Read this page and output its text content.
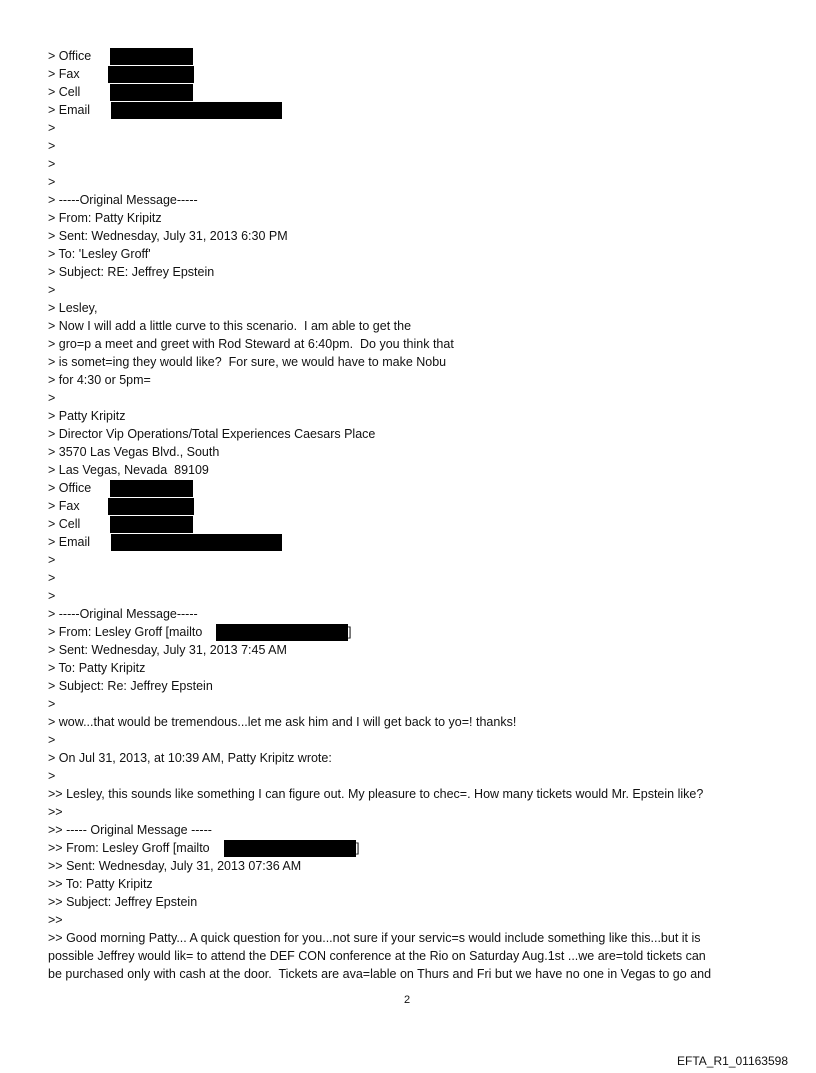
> Office
> Fax
> Cell
> Email
>
>
>
>
> -----Original Message-----
> From: Patty Kripitz
> Sent: Wednesday, July 31, 2013 6:30 PM
> To: 'Lesley Groff'
> Subject: RE: Jeffrey Epstein
>
> Lesley,
> Now I will add a little curve to this scenario.  I am able to get the
> gro=p a meet and greet with Rod Steward at 6:40pm.  Do you think that
> is somet=ing they would like?  For sure, we would have to make Nobu
> for 4:30 or 5pm=
>
> Patty Kripitz
> Director Vip Operations/Total Experiences Caesars Place
> 3570 Las Vegas Blvd., South
> Las Vegas, Nevada  89109
> Office
> Fax
> Cell
> Email
>
>
>
> -----Original Message-----
> From: Lesley Groff [mailto
> Sent: Wednesday, July 31, 2013 7:45 AM
> To: Patty Kripitz
> Subject: Re: Jeffrey Epstein
>
> wow...that would be tremendous...let me ask him and I will get back to yo=! thanks!
>
> On Jul 31, 2013, at 10:39 AM, Patty Kripitz wrote:
>
>> Lesley, this sounds like something I can figure out. My pleasure to chec=. How many tickets would Mr. Epstein like?
>>
>> ----- Original Message -----
>> From: Lesley Groff [mailto
>> Sent: Wednesday, July 31, 2013 07:36 AM
>> To: Patty Kripitz
>> Subject: Jeffrey Epstein
>>
>> Good morning Patty... A quick question for you...not sure if your servic=s would include something like this...but it is
possible Jeffrey would lik= to attend the DEF CON conference at the Rio on Saturday Aug.1st ...we are=told tickets can
be purchased only with cash at the door.  Tickets are ava=lable on Thurs and Fri but we have no one in Vegas to go and
]
]
2
EFTA_R1_01163598
